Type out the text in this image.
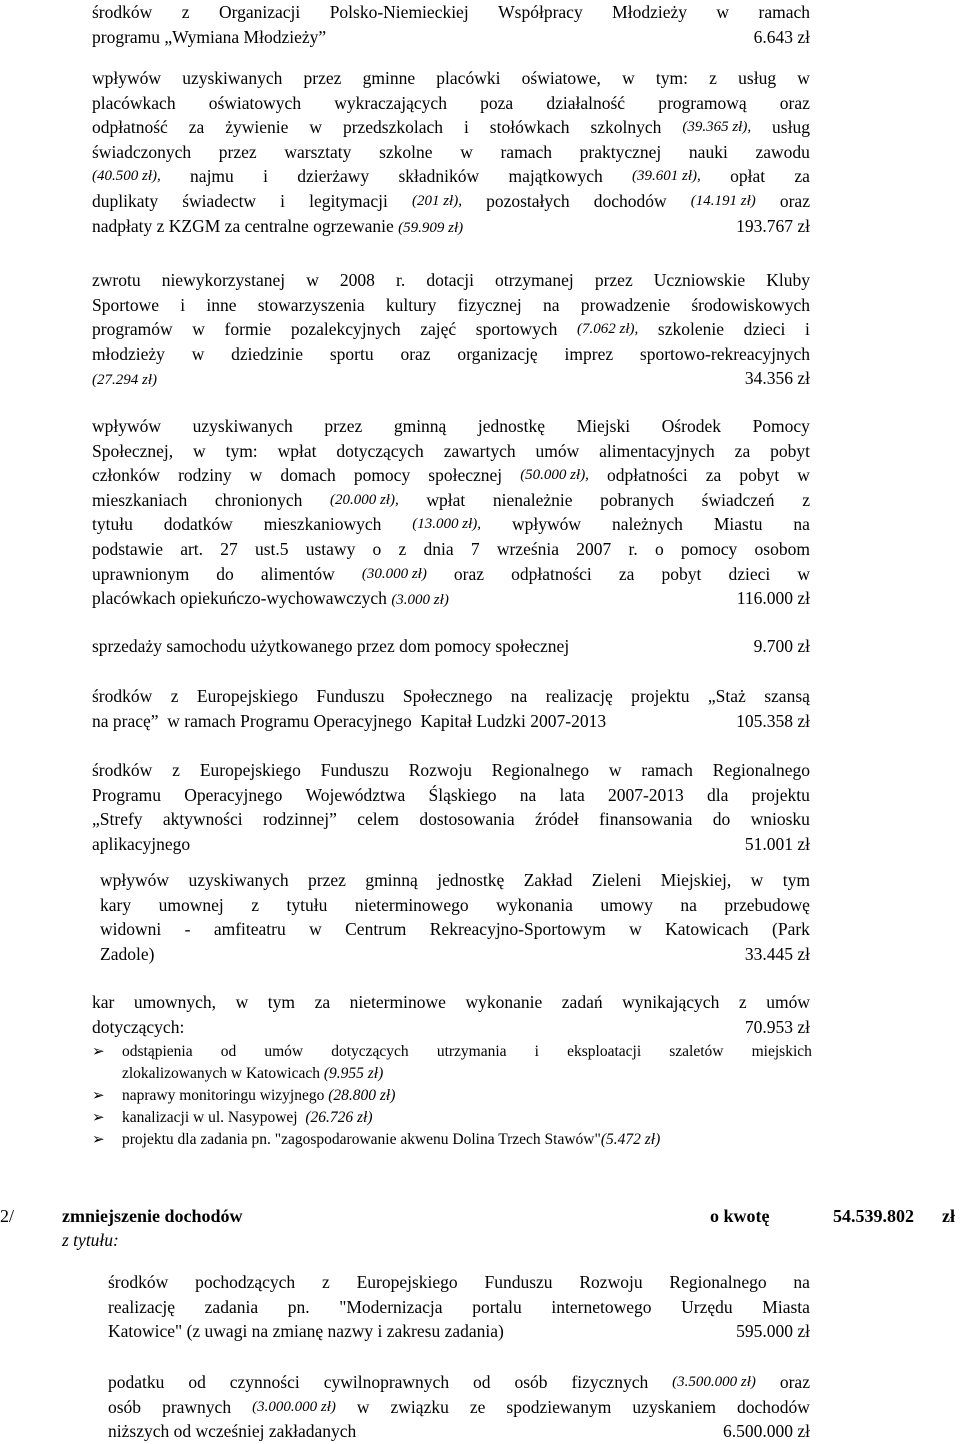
środków z Organizacji Polsko-Niemieckiej Współpracy Młodzieży w ramach
programu „Wymiana Młodzieży”	6.643 zł
wpływów uzyskiwanych przez gminne placówki oświatowe, w tym: z usług w
placówkach oświatowych wykraczających poza działalność programową oraz
odpłatność za żywienie w przedszkolach i stołówkach szkolnych (39.365 zł), usług
świadczonych przez warsztaty szkolne w ramach praktycznej nauki zawodu
(40.500 zł), najmu i dzierżawy składników majątkowych (39.601 zł), opłat za
duplikaty świadectw i legitymacji (201 zł), pozostałych dochodów (14.191 zł) oraz
nadpłaty z KZGM za centralne ogrzewanie (59.909 zł)	193.767 zł
zwrotu niewykorzystanej w 2008 r. dotacji otrzymanej przez Uczniowskie Kluby
Sportowe i inne stowarzyszenia kultury fizycznej na prowadzenie środowiskowych
programów w formie pozalekcyjnych zajęć sportowych (7.062 zł), szkolenie dzieci i
młodzieży w dziedzinie sportu oraz organizację imprez sportowo-rekreacyjnych
(27.294 zł)	34.356 zł
wpływów uzyskiwanych przez gminną jednostkę Miejski Ośrodek Pomocy
Społecznej, w tym: wpłat dotyczących zawartych umów alimentacyjnych za pobyt
członków rodziny w domach pomocy społecznej (50.000 zł), odpłatności za pobyt w
mieszkaniach chronionych (20.000 zł), wpłat nienależnie pobranych świadczeń z
tytułu dodatków mieszkaniowych (13.000 zł), wpływów należnych Miastu na
podstawie art. 27 ust.5 ustawy o z dnia 7 września 2007 r. o pomocy osobom
uprawnionym do alimentów (30.000 zł) oraz odpłatności za pobyt dzieci w
placówkach opiekuńczo-wychowawczych (3.000 zł)	116.000 zł
sprzedaży samochodu użytkowanego przez dom pomocy społecznej	9.700 zł
środków z Europejskiego Funduszu Społecznego na realizację projektu „Staż szansą
na pracę”  w ramach Programu Operacyjnego  Kapitał Ludzki 2007-2013	105.358 zł
środków z Europejskiego Funduszu Rozwoju Regionalnego w ramach Regionalnego
Programu Operacyjnego Województwa Śląskiego na lata 2007-2013 dla projektu
„Strefy aktywności rodzinnej” celem dostosowania źródeł finansowania do wniosku
aplikacyjnego	51.001 zł
wpływów uzyskiwanych przez gminną jednostkę Zakład Zieleni Miejskiej, w tym
kary umownej z tytułu nieterminowego wykonania umowy na przebudowę
widowni - amfiteatru w Centrum Rekreacyjno-Sportowym w Katowicach (Park
Zadole)	33.445 zł
kar umownych, w tym za nieterminowe wykonanie zadań wynikających z umów
dotyczących:	70.953 zł
➢	odstąpienia od umów dotyczących utrzymania i eksploatacji szaletów miejskich
zlokalizowanych w Katowicach (9.955 zł)
➢	naprawy monitoringu wizyjnego (28.800 zł)
➢	kanalizacji w ul. Nasypowej  (26.726 zł)
➢	projektu dla zadania pn. "zagospodarowanie akwenu Dolina Trzech Stawów"(5.472 zł)
2/	zmniejszenie dochodów	o kwotę	54.539.802 zł
z tytułu:
środków pochodzących z Europejskiego Funduszu Rozwoju Regionalnego na
realizację zadania pn. "Modernizacja portalu internetowego Urzędu Miasta
Katowice" (z uwagi na zmianę nazwy i zakresu zadania)	595.000 zł
podatku od czynności cywilnoprawnych od osób fizycznych (3.500.000 zł) oraz
osób prawnych (3.000.000 zł) w związku ze spodziewanym uzyskaniem dochodów
niższych od wcześniej zakładanych	6.500.000 zł
